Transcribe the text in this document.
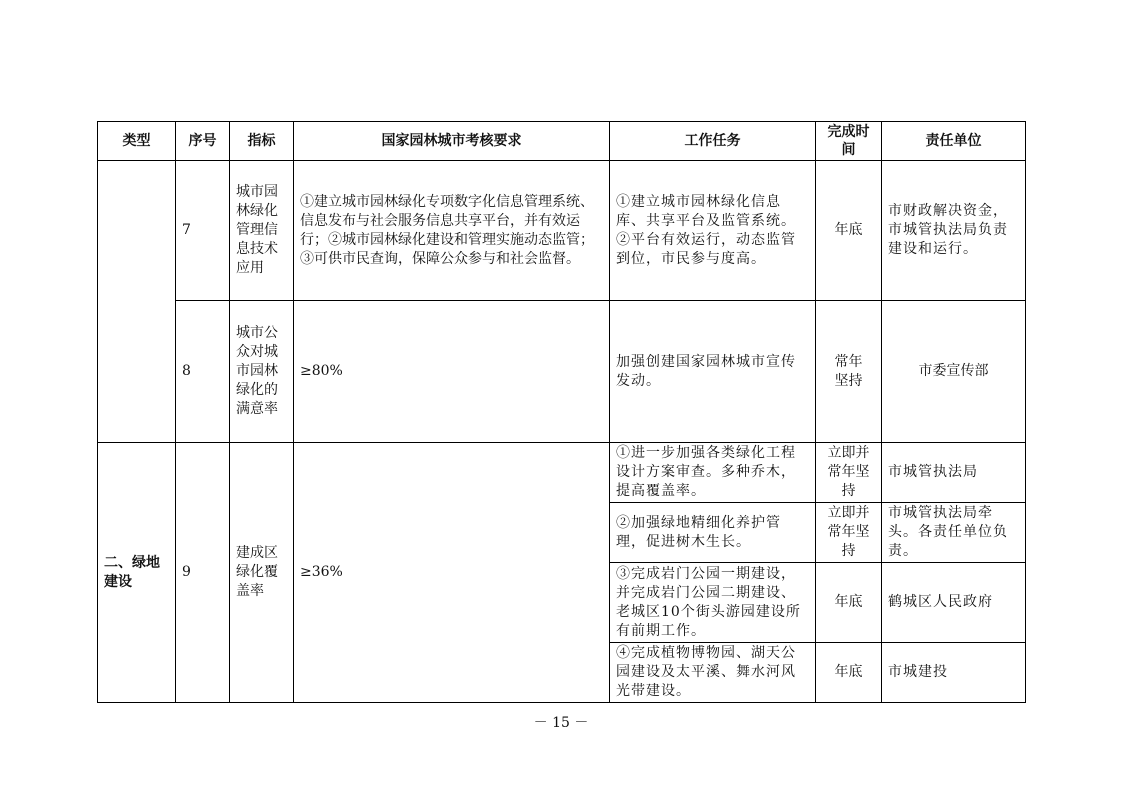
类型	序号	指标	国家园林城市考核要求	工作任务	完成时间	责任单位
	7	城市园林绿化管理信息技术应用	①建立城市园林绿化专项数字化信息管理系统、信息发布与社会服务信息共享平台，并有效运行；②城市园林绿化建设和管理实施动态监管；③可供市民查询，保障公众参与和社会监督。	①建立城市园林绿化信息库、共享平台及监管系统。②平台有效运行，动态监管到位，市民参与度高。	年底	市财政解决资金，市城管执法局负责建设和运行。
	8	城市公众对城市园林绿化的满意率	≥80%	加强创建国家园林城市宣传发动。	常年坚持	市委宣传部
二、绿地建设	9	建成区绿化覆盖率	≥36%	①进一步加强各类绿化工程设计方案审查。多种乔木，提高覆盖率。	立即并常年坚持	市城管执法局
				②加强绿地精细化养护管理，促进树木生长。	立即并常年坚持	市城管执法局牵头。各责任单位负责。
				③完成岩门公园一期建设，并完成岩门公园二期建设、老城区10个街头游园建设所有前期工作。	年底	鹤城区人民政府
				④完成植物博物园、湖天公园建设及太平溪、舞水河风光带建设。	年底	市城建投
－ 15 －
